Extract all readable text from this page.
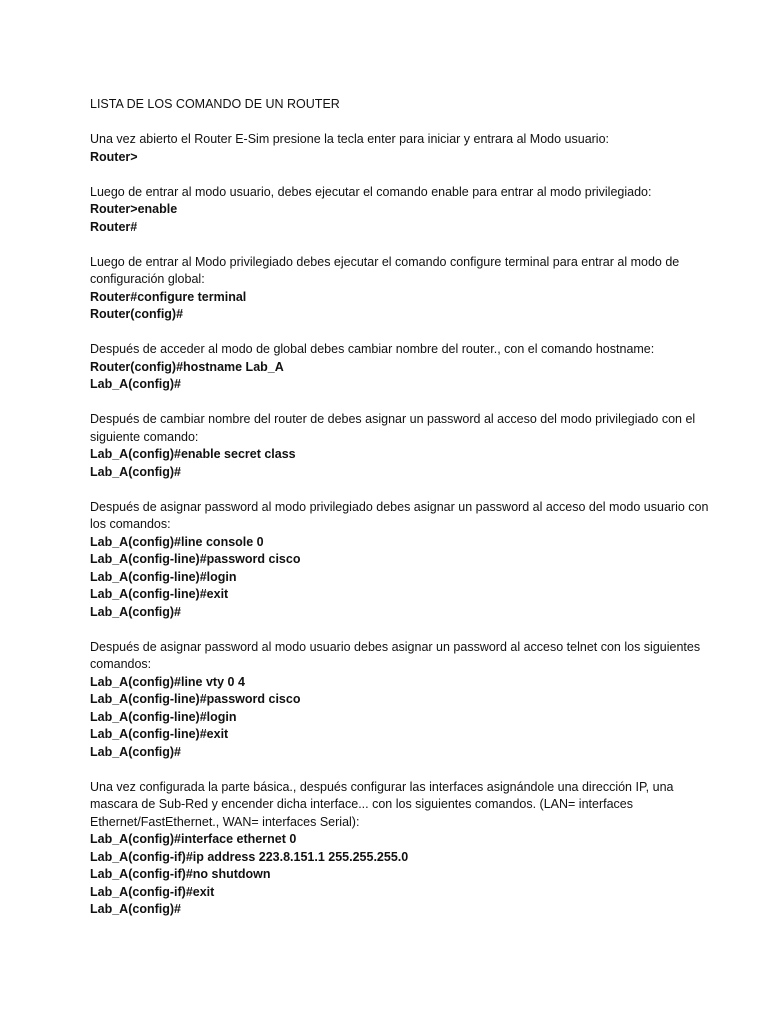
LISTA DE LOS COMANDO DE UN ROUTER

Una vez abierto el Router E-Sim presione la tecla enter para iniciar y entrara al Modo usuario:

Router>

Luego de entrar al modo usuario, debes ejecutar el comando enable para entrar al modo privilegiado:

Router>enable

Router#

Luego de entrar al Modo privilegiado debes ejecutar el comando configure terminal para entrar al modo de configuración global:

Router#configure terminal

Router(config)#

Después de acceder al modo de global debes cambiar nombre del router., con el comando hostname:

Router(config)#hostname Lab_A

Lab_A(config)#

Después de cambiar nombre del router de debes asignar un password al acceso del modo privilegiado con el siguiente comando:

Lab_A(config)#enable secret class

Lab_A(config)#

Después de asignar password al modo privilegiado debes asignar un password al acceso del modo usuario con los comandos:

Lab_A(config)#line console 0

Lab_A(config-line)#password cisco

Lab_A(config-line)#login

Lab_A(config-line)#exit

Lab_A(config)#

Después de asignar password al modo usuario debes asignar un password al acceso telnet con los siguientes comandos:

Lab_A(config)#line vty 0 4

Lab_A(config-line)#password cisco

Lab_A(config-line)#login

Lab_A(config-line)#exit

Lab_A(config)#

Una vez configurada la parte básica., después configurar las interfaces asignándole una dirección IP, una mascara de Sub-Red y encender dicha interface... con los siguientes comandos. (LAN= interfaces Ethernet/FastEthernet., WAN= interfaces Serial):

Lab_A(config)#interface ethernet 0

Lab_A(config-if)#ip address 223.8.151.1 255.255.255.0

Lab_A(config-if)#no shutdown

Lab_A(config-if)#exit

Lab_A(config)#
